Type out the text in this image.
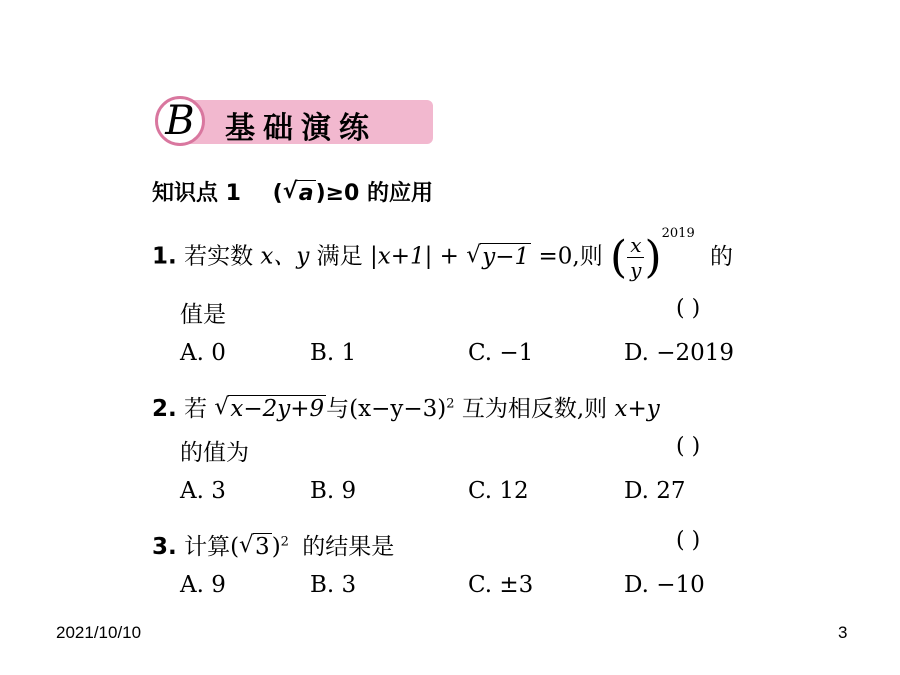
B 基础演练
知识点 1 ( √ a)≥0 的应用
1. 若实数 x、y 满足 |x+1| + √ y−1 =0,则 ( $\frac{x}{y} )^{2019}$ 的
值是	( )
A. 0	B. 1	C. −1	D. −2019
2. 若 √ x−2y+9与$(x-y-3)^2$ 互为相反数,则 x+y
的值为	( )
A. 3	B. 9	C. 12	D. 27
3. 计算( √ 3)$^2$ 的结果是	( )
A. 9	B. 3	C. ±3	D. −10
2021/10/10	3
